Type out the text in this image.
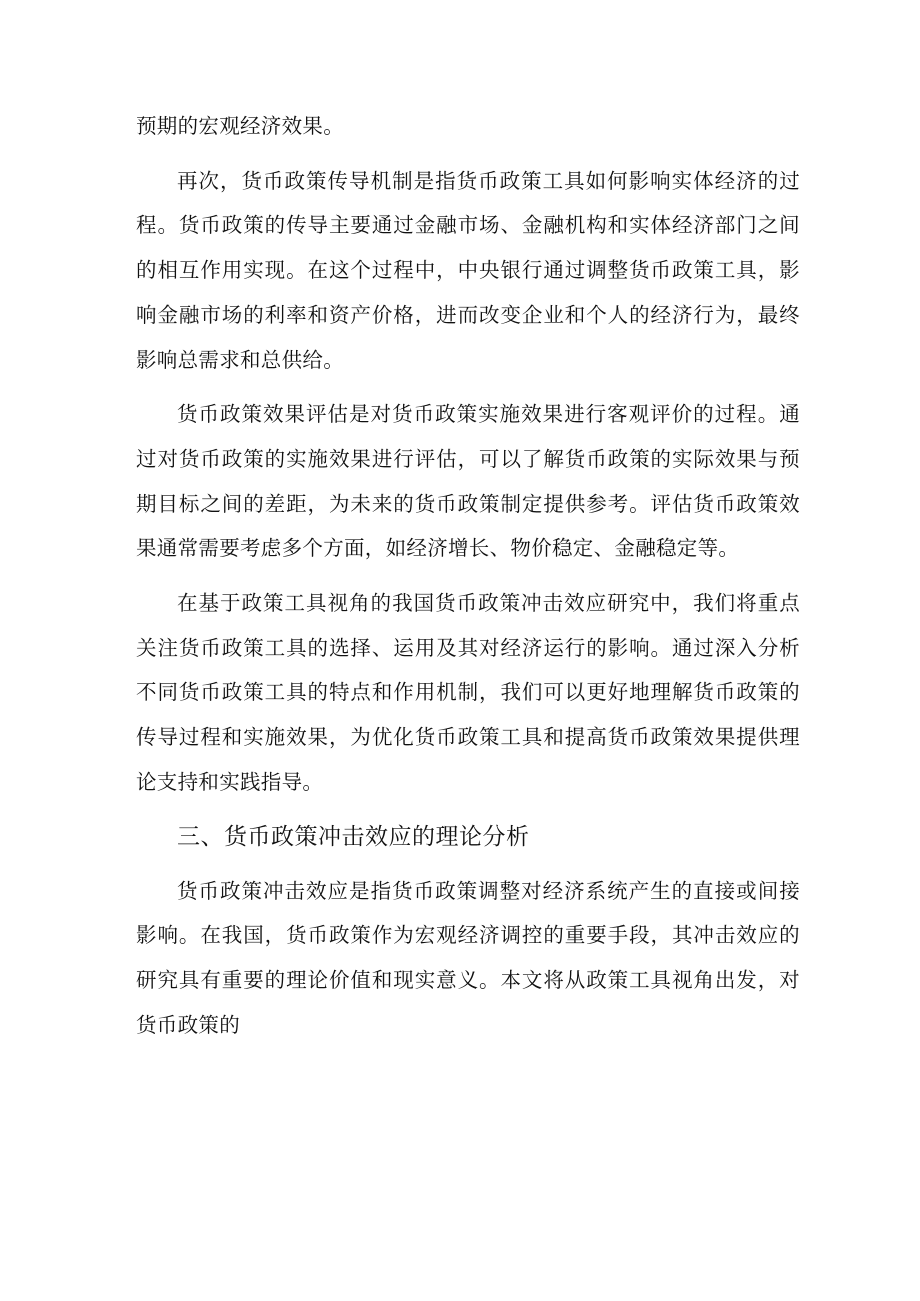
预期的宏观经济效果。

再次，货币政策传导机制是指货币政策工具如何影响实体经济的过程。货币政策的传导主要通过金融市场、金融机构和实体经济部门之间的相互作用实现。在这个过程中，中央银行通过调整货币政策工具，影响金融市场的利率和资产价格，进而改变企业和个人的经济行为，最终影响总需求和总供给。

货币政策效果评估是对货币政策实施效果进行客观评价的过程。通过对货币政策的实施效果进行评估，可以了解货币政策的实际效果与预期目标之间的差距，为未来的货币政策制定提供参考。评估货币政策效果通常需要考虑多个方面，如经济增长、物价稳定、金融稳定等。

在基于政策工具视角的我国货币政策冲击效应研究中，我们将重点关注货币政策工具的选择、运用及其对经济运行的影响。通过深入分析不同货币政策工具的特点和作用机制，我们可以更好地理解货币政策的传导过程和实施效果，为优化货币政策工具和提高货币政策效果提供理论支持和实践指导。

三、货币政策冲击效应的理论分析

货币政策冲击效应是指货币政策调整对经济系统产生的直接或间接影响。在我国，货币政策作为宏观经济调控的重要手段，其冲击效应的研究具有重要的理论价值和现实意义。本文将从政策工具视角出发，对货币政策的
